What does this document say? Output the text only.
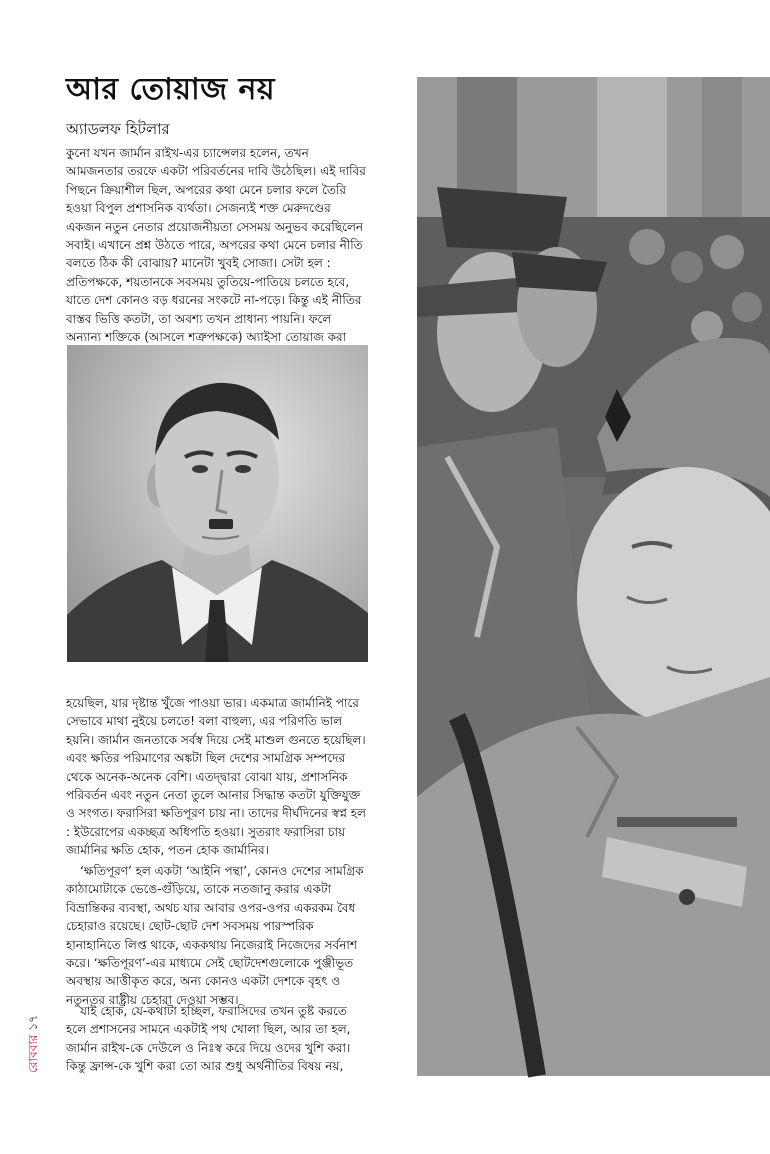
আর তোয়াজ নয়
অ্যাডলফ হিটলার

কুনো যখন জার্মান রাইখ-এর চ্যান্সেলর হলেন, তখন আমজনতার তরফে একটা পরিবর্তনের দাবি উঠেছিল। এই দাবির পিছনে ক্রিয়াশীল ছিল, অপরের কথা মেনে চলার ফলে তৈরি হওয়া বিপুল প্রশাসনিক ব্যর্থতা। সেজন্যই শক্ত মেরুদণ্ডের একজন নতুন নেতার প্রয়োজনীয়তা সেসময় অনুভব করেছিলেন সবাই। এখানে প্রশ্ন উঠতে পারে, অপরের কথা মেনে চলার নীতি বলতে ঠিক কী বোঝায়? মানেটা খুবই সোজা। সেটা হল : প্রতিপক্ষকে, শয়তানকে সবসময় তুতিয়ে-পাতিয়ে চলতে হবে, যাতে দেশ কোনও বড় ধরনের সংকটে না-পড়ে। কিন্তু এই নীতির বাস্তব ভিত্তি কতটা, তা অবশ্য তখন প্রাধান্য পায়নি। ফলে অন্যান্য শক্তিকে (আসলে শত্রুপক্ষকে) অ্যাইসা তোয়াজ করা

হয়েছিল, যার দৃষ্টান্ত খুঁজে পাওয়া ভার। একমাত্র জার্মানিই পারে সেভাবে মাথা নুইয়ে চলতে! বলা বাহুল্য, এর পরিণতি ভাল হয়নি। জার্মান জনতাকে সর্বস্ব দিয়ে সেই মাশুল গুনতে হয়েছিল। এবং ক্ষতির পরিমাণের অঙ্কটা ছিল দেশের সামগ্রিক সম্পদের থেকে অনেক-অনেক বেশি। এতদ্দ্বারা বোঝা যায়, প্রশাসনিক পরিবর্তন এবং নতুন নেতা তুলে আনার সিদ্ধান্ত কতটা যুক্তিযুক্ত ও সংগত। ফরাসিরা ক্ষতিপূরণ চায় না। তাদের দীর্ঘদিনের স্বপ্ন হল : ইউরোপের একচ্ছত্র অধিপতি হওয়া। সুতরাং ফরাসিরা চায় জার্মানির ক্ষতি হোক, পতন হোক জার্মানির।

‘ক্ষতিপূরণ’ হল একটা ‘আইনি পন্থা’, কোনও দেশের সামগ্রিক কাঠামোটাকে ভেঙে-গুঁড়িয়ে, তাকে নতজানু করার একটা বিভ্রান্তিকর ব্যবস্থা, অথচ যার আবার ওপর-ওপর একরকম বৈধ চেহারাও রয়েছে। ছোট-ছোট দেশ সবসময় পারস্পরিক হানাহানিতে লিপ্ত থাকে, এককথায় নিজেরাই নিজেদের সর্বনাশ করে। ‘ক্ষতিপূরণ’-এর মাধ্যমে সেই ছোটদেশগুলোকে পুঞ্জীভূত অবস্থায় আত্তীকৃত করে, অন্য কোনও একটা দেশকে বৃহৎ ও নতুনতর রাষ্ট্রীয় চেহারা দেওয়া সম্ভব।

যাই হোক, যে-কথাটা হচ্ছিল, ফরাসিদের তখন তুষ্ট করতে হলে প্রশাসনের সামনে একটাই পথ খোলা ছিল, আর তা হল, জার্মান রাইখ-কে দেউলে ও নিঃস্ব করে দিয়ে ওদের খুশি করা। কিন্তু ফ্রান্স-কে খুশি করা তো আর শুধু অর্থনীতির বিষয় নয়,

রোববার১৭
